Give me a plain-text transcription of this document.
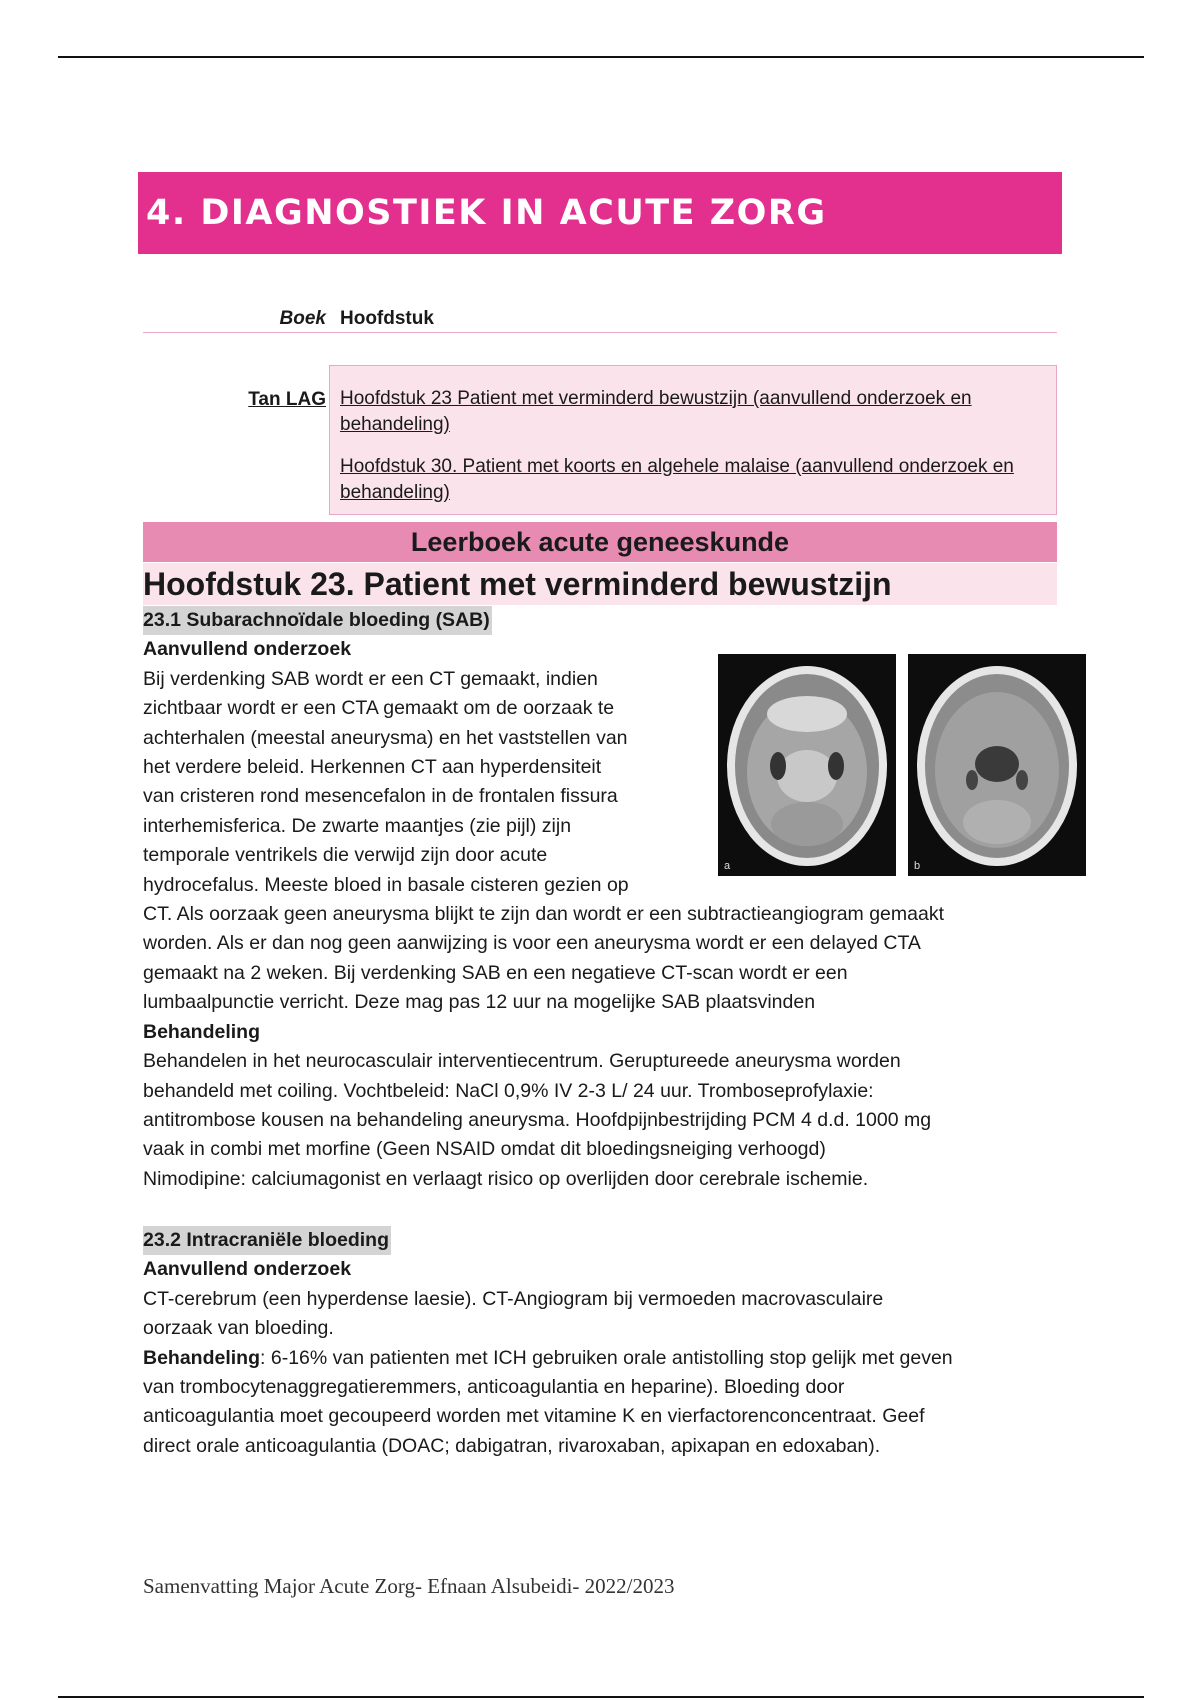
4. DIAGNOSTIEK IN ACUTE ZORG
Boek Hoofdstuk
Tan LAG Hoofdstuk 23 Patient met verminderd bewustzijn (aanvullend onderzoek en behandeling)

Hoofdstuk 30. Patient met koorts en algehele malaise (aanvullend onderzoek en behandeling)

Leerboek acute geneeskunde
Hoofdstuk 23. Patient met verminderd bewustzijn
23.1 Subarachnoïdale bloeding (SAB)
Aanvullend onderzoek

Bij verdenking SAB wordt er een CT gemaakt, indien

zichtbaar wordt er een CTA gemaakt om de oorzaak te

achterhalen (meestal aneurysma) en het vaststellen van

het verdere beleid. Herkennen CT aan hyperdensiteit

van cristeren rond mesencefalon in de frontalen fissura

interhemisferica. De zwarte maantjes (zie pijl) zijn

temporale ventrikels die verwijd zijn door acute

hydrocefalus. Meeste bloed in basale cisteren gezien op

CT. Als oorzaak geen aneurysma blijkt te zijn dan wordt er een subtractieangiogram gemaakt

worden. Als er dan nog geen aanwijzing is voor een aneurysma wordt er een delayed CTA

gemaakt na 2 weken. Bij verdenking SAB en een negatieve CT-scan wordt er een

lumbaalpunctie verricht. Deze mag pas 12 uur na mogelijke SAB plaatsvinden

Behandeling

Behandelen in het neurocasculair interventiecentrum. Geruptureede aneurysma worden

behandeld met coiling. Vochtbeleid: NaCl 0,9% IV 2-3 L/ 24 uur. Tromboseprofylaxie:

antitrombose kousen na behandeling aneurysma. Hoofdpijnbestrijding PCM 4 d.d. 1000 mg

vaak in combi met morfine (Geen NSAID omdat dit bloedingsneiging verhoogd)

Nimodipine: calciumagonist en verlaagt risico op overlijden door cerebrale ischemie.

a	b
23.2 Intracraniële bloeding
Aanvullend onderzoek

CT-cerebrum (een hyperdense laesie). CT-Angiogram bij vermoeden macrovasculaire

oorzaak van bloeding.

Behandeling: 6-16% van patienten met ICH gebruiken orale antistolling stop gelijk met geven

van trombocytenaggregatieremmers, anticoagulantia en heparine). Bloeding door

anticoagulantia moet gecoupeerd worden met vitamine K en vierfactorenconcentraat. Geef

direct orale anticoagulantia (DOAC; dabigatran, rivaroxaban, apixapan en edoxaban).

Samenvatting Major Acute Zorg- Efnaan Alsubeidi- 2022/2023
